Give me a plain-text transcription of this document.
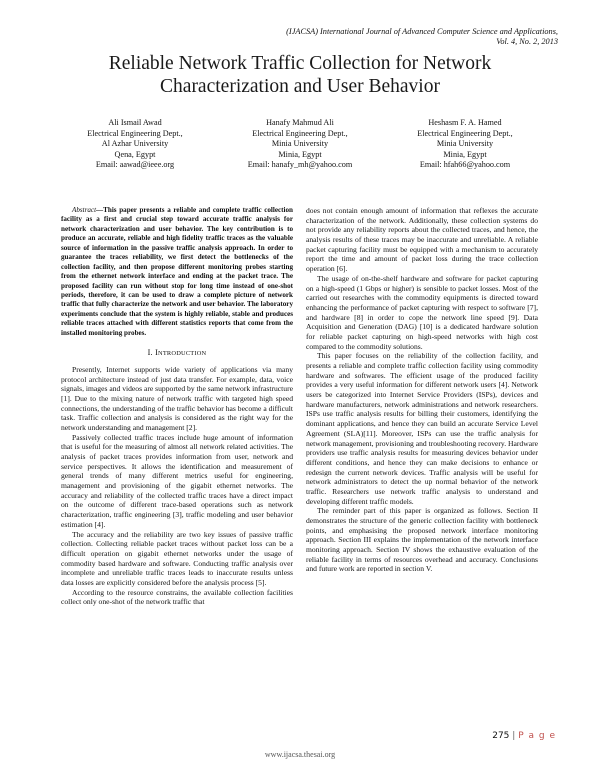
(IJACSA) International Journal of Advanced Computer Science and Applications,
Vol. 4, No. 2, 2013
Reliable Network Traffic Collection for Network
Characterization and User Behavior
Ali Ismail Awad
Electrical Engineering Dept.,
Al Azhar University
Qena, Egypt
Email: aawad@ieee.org
Hanafy Mahmud Ali
Electrical Engineering Dept.,
Minia University
Minia, Egypt
Email: hanafy_mh@yahoo.com
Heshasm F. A. Hamed
Electrical Engineering Dept.,
Minia University
Minia, Egypt
Email: hfah66@yahoo.com

Abstract—This paper presents a reliable and complete traffic collection facility as a first and crucial step toward accurate traffic analysis for network characterization and user behavior. The key contribution is to produce an accurate, reliable and high fidelity traffic traces as the valuable source of information in the passive traffic analysis approach. In order to guarantee the traces reliability, we first detect the bottlenecks of the collection facility, and then propose different monitoring probes starting from the ethernet network interface and ending at the packet trace. The proposed facility can run without stop for long time instead of one-shot periods, therefore, it can be used to draw a complete picture of network traffic that fully characterize the network and user behavior. The laboratory experiments conclude that the system is highly reliable, stable and produces reliable traces attached with different statistics reports that come from the installed monitoring probes.

I. INTRODUCTION

Presently, Internet supports wide variety of applications via many protocol architecture instead of just data transfer. For example, data, voice signals, images and videos are supported by the same network infrastructure [1]. Due to the mixing nature of network traffic with targeted high speed connections, the understanding of the traffic behavior has become a difficult task. Traffic collection and analysis is considered as the right way for the network understanding and management [2].

Passively collected traffic traces include huge amount of information that is useful for the measuring of almost all network related activities. The analysis of packet traces provides information from user, network and service perspectives. It allows the identification and measurement of general trends of many different metrics useful for engineering, management and provisioning of the gigabit ethernet networks. The accuracy and reliability of the collected traffic traces have a direct impact on the outcome of different trace-based operations such as network characterization, traffic engineering [3], traffic modeling and user behavior estimation [4].

The accuracy and the reliability are two key issues of passive traffic collection. Collecting reliable packet traces without packet loss can be a difficult operation on gigabit ethernet networks under the usage of commodity based hardware and software. Conducting traffic analysis over incomplete and unreliable traffic traces leads to inaccurate results unless data losses are explicitly considered before the analysis process [5].

According to the resource constrains, the available collection facilities collect only one-shot of the network traffic that

does not contain enough amount of information that reflexes the accurate characterization of the network. Additionally, these collection systems do not provide any reliability reports about the collected traces, and hence, the analysis results of these traces may be inaccurate and unreliable. A reliable packet capturing facility must be equipped with a mechanism to accurately report the time and amount of packet loss during the trace collection operation [6].

The usage of on-the-shelf hardware and software for packet capturing on a high-speed (1 Gbps or higher) is sensible to packet losses. Most of the carried out researches with the commodity equipments is directed toward enhancing the performance of packet capturing with respect to software [7], and hardware [8] in order to cope the network line speed [9]. Data Acquisition and Generation (DAG) [10] is a dedicated hardware solution for reliable packet capturing on high-speed networks with high cost compared to the commodity solutions.

This paper focuses on the reliability of the collection facility, and presents a reliable and complete traffic collection facility using commodity hardware and softwares. The efficient usage of the produced facility provides a very useful information for different network users [4]. Network users be categorized into Internet Service Providers (ISPs), devices and hardware manufacturers, network administrations and network researchers. ISPs use traffic analysis results for billing their customers, identifying the dominant applications, and hence they can build an accurate Service Level Agreement (SLA)[11]. Moreover, ISPs can use the traffic analysis for network management, provisioning and troubleshooting recovery. Hardware providers use traffic analysis results for measuring devices behavior under different conditions, and hence they can make decisions to enhance or redesign the current network devices. Traffic analysis will be useful for network administrators to detect the up normal behavior of the network traffic. Researchers use network traffic analysis to understand and developing different traffic models.

The reminder part of this paper is organized as follows. Section II demonstrates the structure of the generic collection facility with bottleneck points, and emphasising the proposed network interface monitoring approach. Section III explains the implementation of the network interface monitoring approach. Section IV shows the exhaustive evaluation of the reliable facility in terms of resources overhead and accuracy. Conclusions and future work are reported in section V.

275 | P a g e
www.ijacsa.thesai.org
